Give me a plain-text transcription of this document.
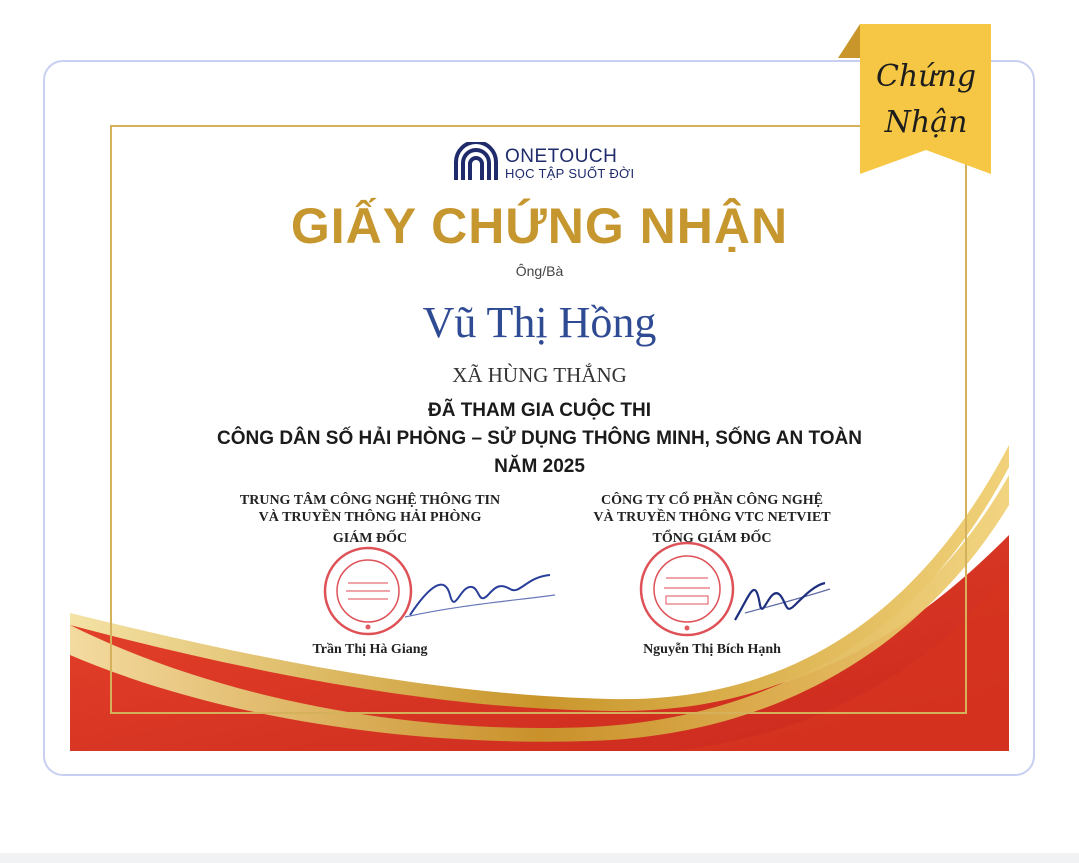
ONETOUCH
HỌC TẬP SUỐT ĐỜI
GIẤY CHỨNG NHẬN
Ông/Bà
Vũ Thị Hồng
XÃ HÙNG THẮNG
ĐÃ THAM GIA CUỘC THI
CÔNG DÂN SỐ HẢI PHÒNG – SỬ DỤNG THÔNG MINH, SỐNG AN TOÀN
NĂM 2025
TRUNG TÂM CÔNG NGHỆ THÔNG TIN
VÀ TRUYỀN THÔNG HẢI PHÒNG
GIÁM ĐỐC
CÔNG TY CỔ PHẦN CÔNG NGHỆ
VÀ TRUYỀN THÔNG VTC NETVIET
TỔNG GIÁM ĐỐC
Trần Thị Hà Giang	Nguyễn Thị Bích Hạnh
Chứng
Nhận
